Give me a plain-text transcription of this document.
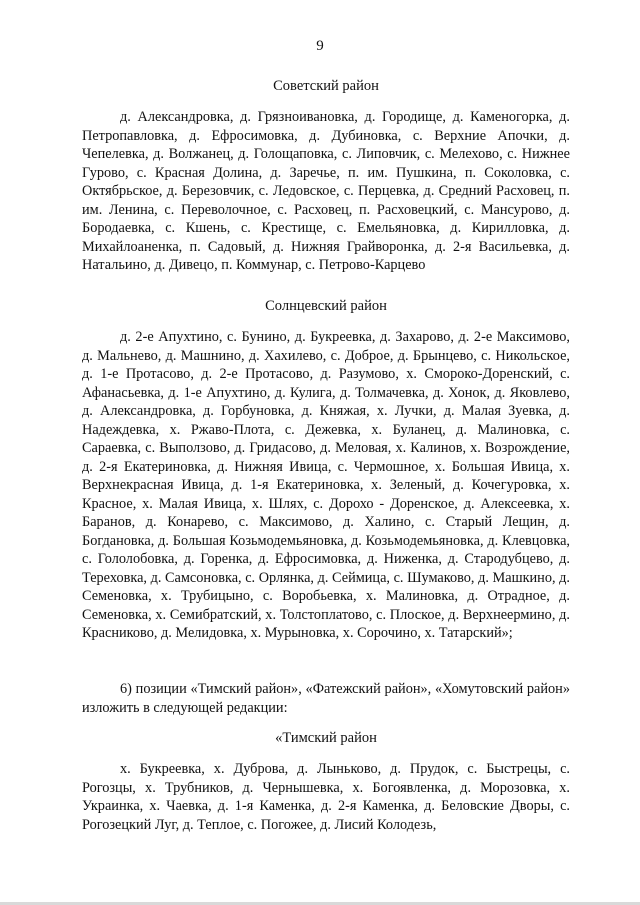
9

Советский район

д. Александровка, д. Грязноивановка, д. Городище, д. Каменогорка, д. Петропавловка, д. Ефросимовка, д. Дубиновка, с. Верхние Апочки, д. Чепелевка, д. Волжанец, д. Голощаповка, с. Липовчик, с. Мелехово, с. Нижнее Гурово, с. Красная Долина, д. Заречье, п. им. Пушкина, п. Соколовка, с. Октябрьское, д. Березовчик, с. Ледовское, с. Перцевка, д. Средний Расховец, п. им. Ленина, с. Переволочное, с. Расховец, п. Расховецкий, с. Мансурово, д. Бородаевка, с. Кшень, с. Крестище, с. Емельяновка, д. Кирилловка, д. Михайлоаненка, п. Садовый, д. Нижняя Грайворонка, д. 2-я Васильевка, д. Натальино, д. Дивецо, п. Коммунар, с. Петрово-Карцево

Солнцевский район

д. 2-е Апухтино, с. Бунино, д. Букреевка, д. Захарово, д. 2-е Максимово, д. Мальнево, д. Машнино, д. Хахилево, с. Доброе, д. Брынцево, с. Никольское, д. 1-е Протасово, д. 2-е Протасово, д. Разумово, х. Смороко-Доренский, с. Афанасьевка, д. 1-е Апухтино, д. Кулига, д. Толмачевка, д. Хонок, д. Яковлево, д. Александровка, д. Горбуновка, д. Княжая, х. Лучки, д. Малая Зуевка, д. Надеждевка, х. Ржаво-Плота, с. Дежевка, х. Буланец, д. Малиновка, с. Сараевка, с. Выползово, д. Гридасово, д. Меловая, х. Калинов, х. Возрождение, д. 2-я Екатериновка, д. Нижняя Ивица, с. Чермошное, х. Большая Ивица, х. Верхнекрасная Ивица, д. 1-я Екатериновка, х. Зеленый, д. Кочегуровка, х. Красное, х. Малая Ивица, х. Шлях, с. Дорохо - Доренское, д. Алексеевка, х. Баранов, д. Конарево, с. Максимово, д. Халино, с. Старый Лещин, д. Богдановка, д. Большая Козьмодемьяновка, д. Козьмодемьяновка, д. Клевцовка, с. Гололобовка, д. Горенка, д. Ефросимовка, д. Ниженка, д. Стародубцево, д. Тереховка, д. Самсоновка, с. Орлянка, д. Сеймица, с. Шумаково, д. Машкино, д. Семеновка, х. Трубицыно, с. Воробьевка, х. Малиновка, д. Отрадное, д. Семеновка, х. Семибратский, х. Толстоплатово, с. Плоское, д. Верхнеермино, д. Красниково, д. Мелидовка, х. Мурыновка, х. Сорочино, х. Татарский»;

6) позиции «Тимский район», «Фатежский район», «Хомутовский район» изложить в следующей редакции:

«Тимский район

х. Букреевка, х. Дуброва, д. Лыньково, д. Прудок, с. Быстрецы, с. Рогозцы, х. Трубников, д. Чернышевка, х. Богоявленка, д. Морозовка, х. Украинка, х. Чаевка, д. 1-я Каменка, д. 2-я Каменка, д. Беловские Дворы, с. Рогозецкий Луг, д. Теплое, с. Погожее, д. Лисий Колодезь,
